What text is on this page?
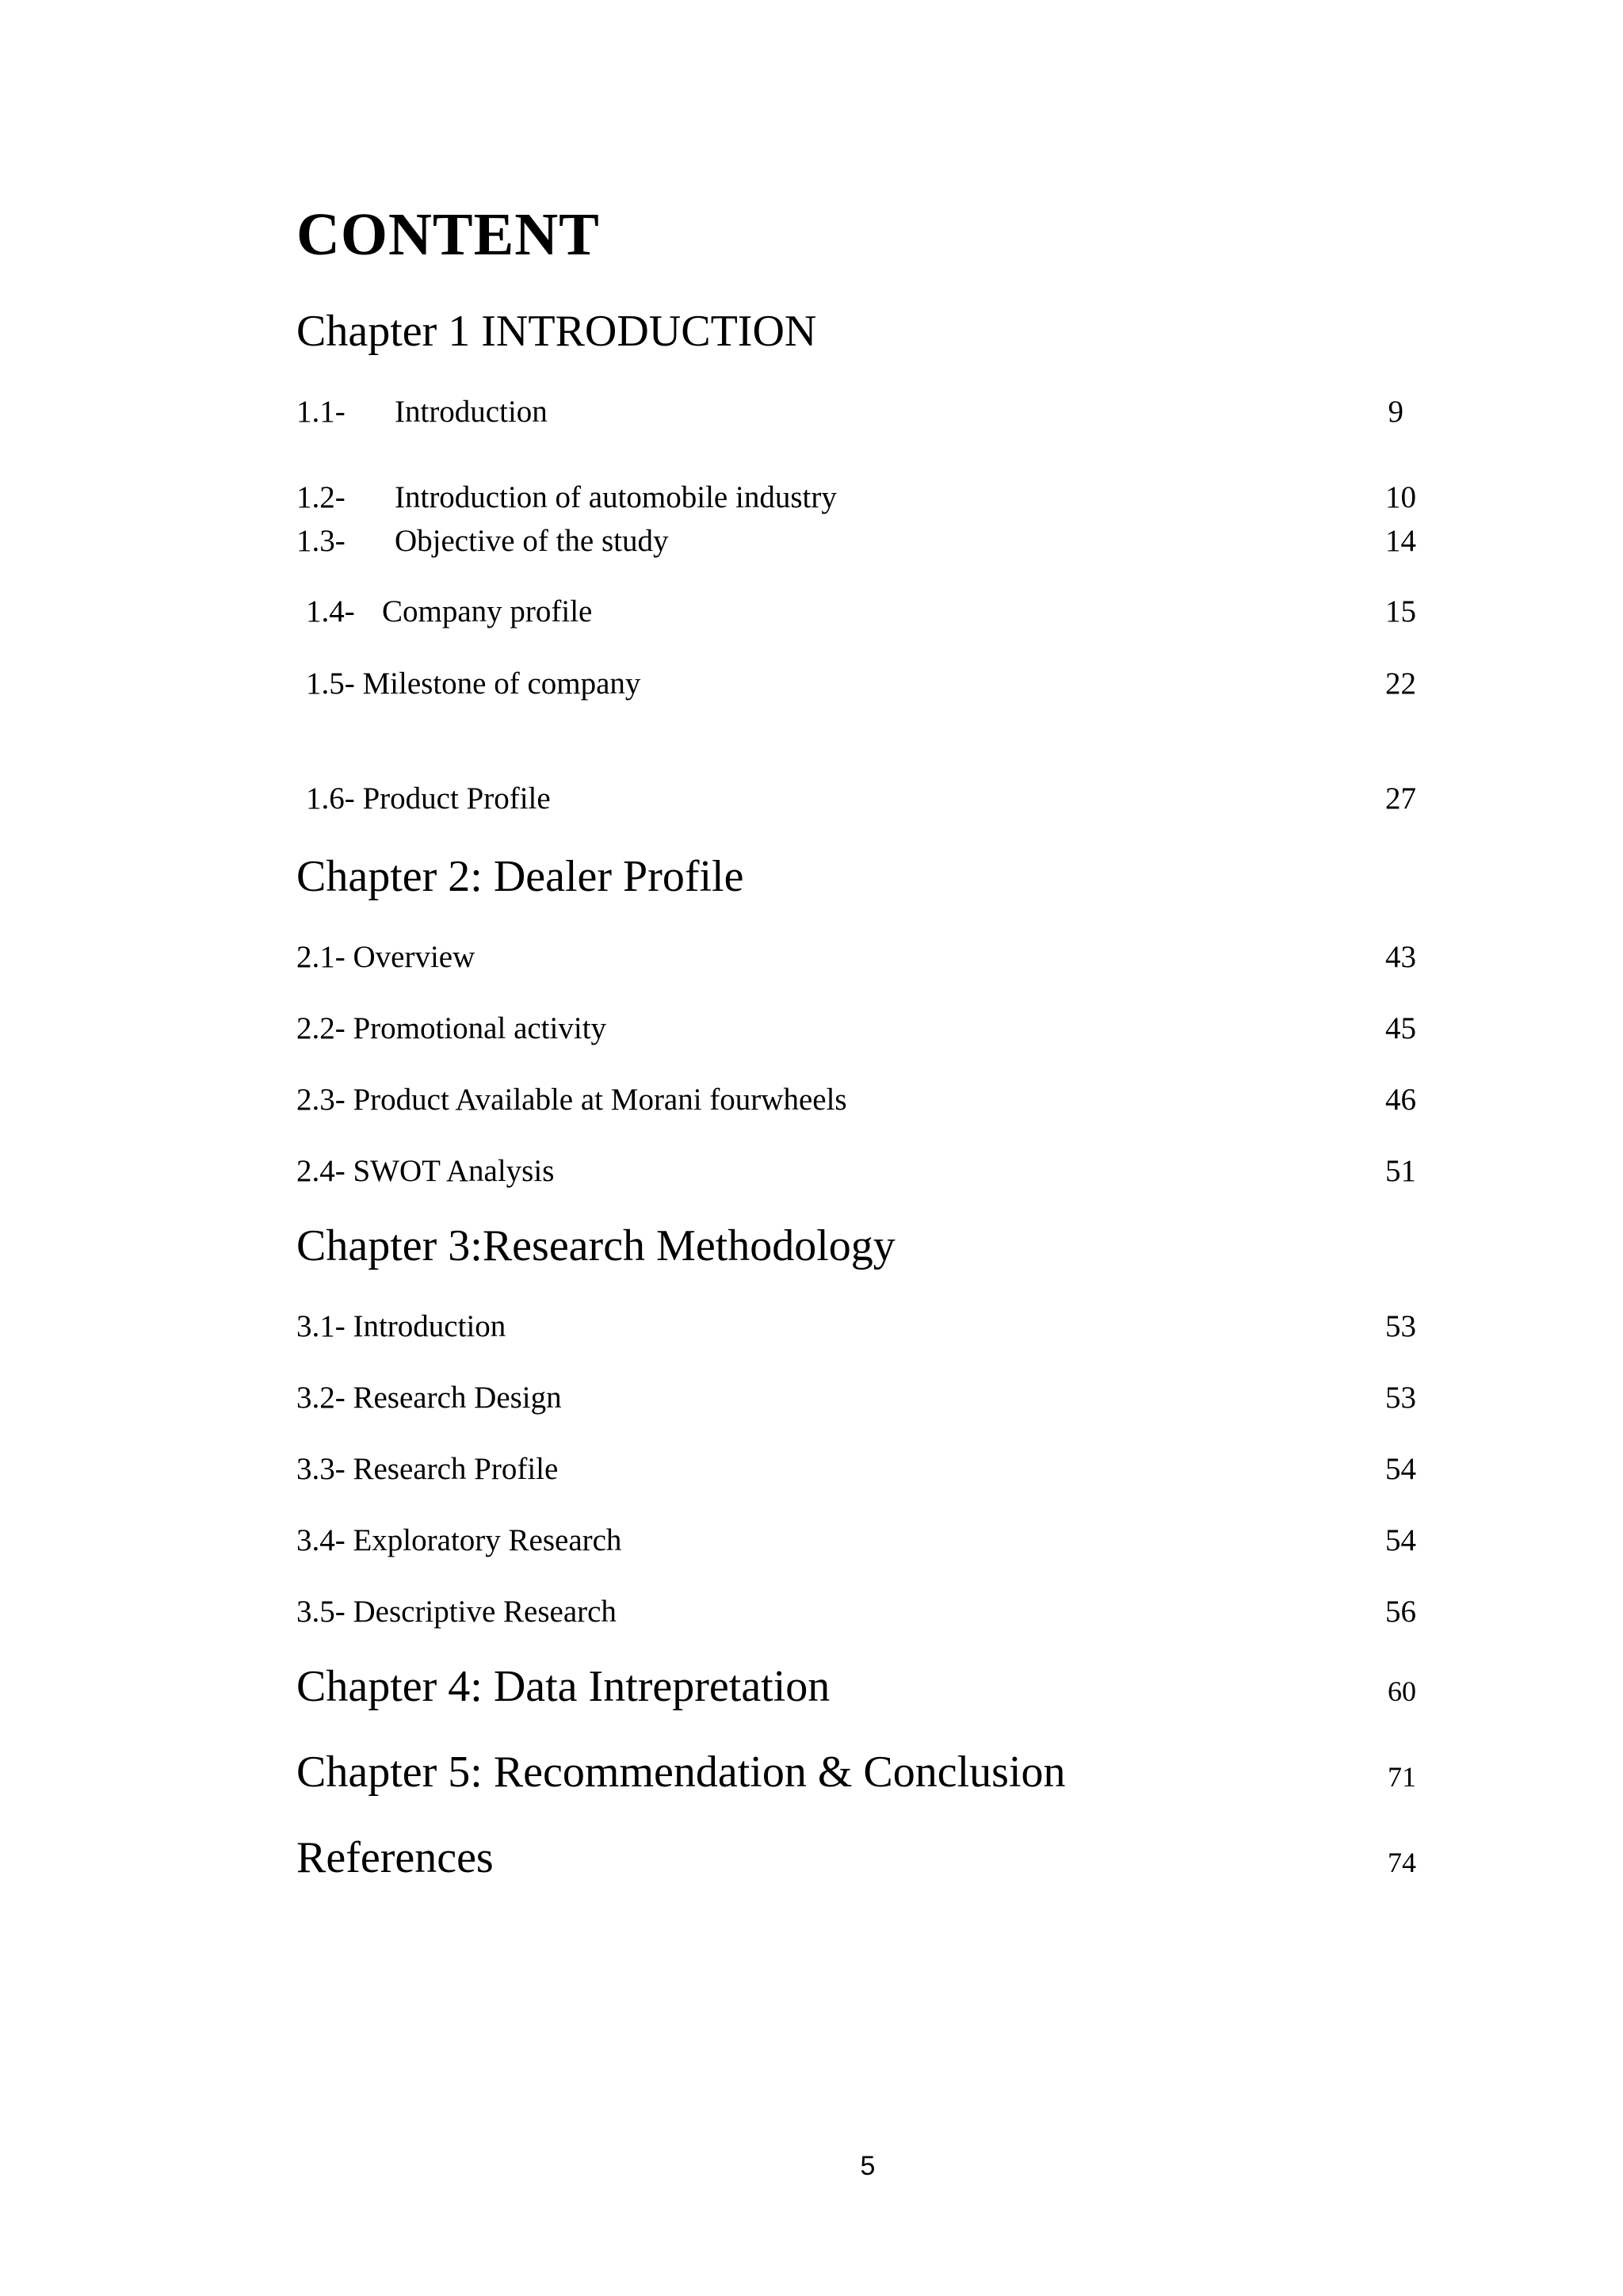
CONTENT
Chapter 1 INTRODUCTION
1.1- Introduction	9
1.2- Introduction of automobile industry	10
1.3- Objective of the study	14
1.4- Company profile	15
1.5- Milestone of company	22
1.6- Product Profile	27
Chapter 2: Dealer Profile
2.1- Overview	43
2.2- Promotional activity	45
2.3- Product Available at Morani fourwheels	46
2.4- SWOT Analysis	51
Chapter 3:Research Methodology
3.1- Introduction	53
3.2- Research Design	53
3.3- Research Profile	54
3.4- Exploratory Research	54
3.5- Descriptive Research	56
Chapter 4: Data Intrepretation	60
Chapter 5: Recommendation & Conclusion	71
References	74
5
